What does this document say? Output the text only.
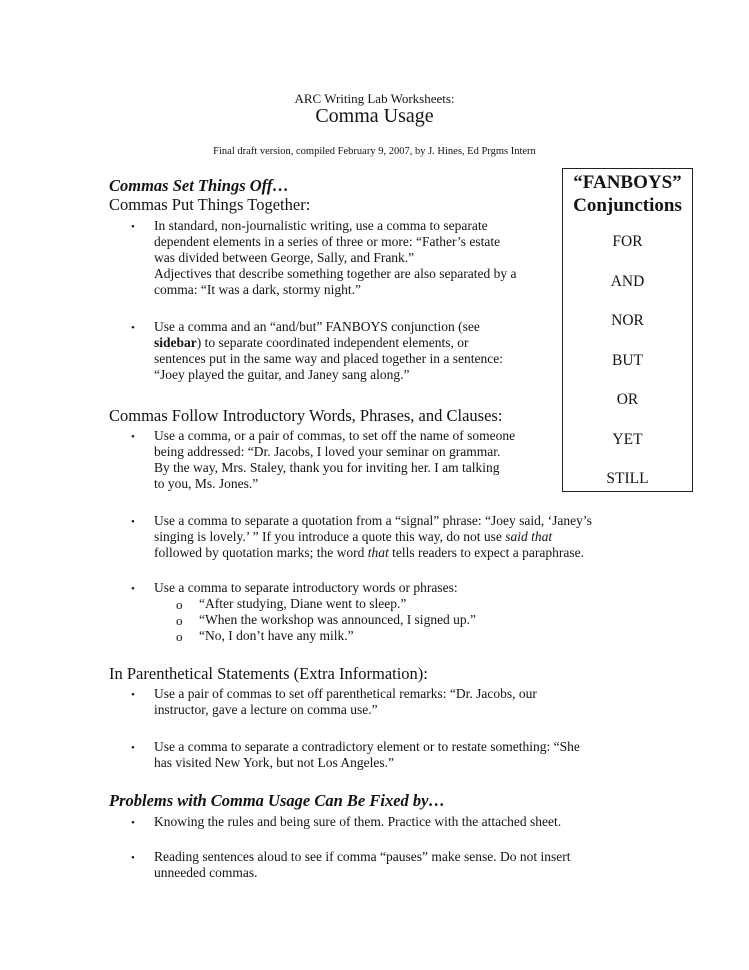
ARC Writing Lab Worksheets:
Comma Usage
Final draft version, compiled February 9, 2007, by J. Hines, Ed Prgms Intern
“FANBOYS”
Conjunctions
FOR
AND
NOR
BUT
OR
YET
STILL
Commas Set Things Off…
Commas Put Things Together:
• In standard, non-journalistic writing, use a comma to separate
dependent elements in a series of three or more: “Father’s estate
was divided between George, Sally, and Frank.”
Adjectives that describe something together are also separated by a
comma: “It was a dark, stormy night.”
• Use a comma and an “and/but” FANBOYS conjunction (see
sidebar) to separate coordinated independent elements, or
sentences put in the same way and placed together in a sentence:
“Joey played the guitar, and Janey sang along.”
Commas Follow Introductory Words, Phrases, and Clauses:
• Use a comma, or a pair of commas, to set off the name of someone
being addressed: “Dr. Jacobs, I loved your seminar on grammar.
By the way, Mrs. Staley, thank you for inviting her. I am talking
to you, Ms. Jones.”
• Use a comma to separate a quotation from a “signal” phrase: “Joey said, ‘Janey’s
singing is lovely.’ ” If you introduce a quote this way, do not use said that
followed by quotation marks; the word that tells readers to expect a paraphrase.
• Use a comma to separate introductory words or phrases:
o “After studying, Diane went to sleep.”
o “When the workshop was announced, I signed up.”
o “No, I don’t have any milk.”
In Parenthetical Statements (Extra Information):
• Use a pair of commas to set off parenthetical remarks: “Dr. Jacobs, our
instructor, gave a lecture on comma use.”
• Use a comma to separate a contradictory element or to restate something: “She
has visited New York, but not Los Angeles.”
Problems with Comma Usage Can Be Fixed by…
• Knowing the rules and being sure of them. Practice with the attached sheet.
• Reading sentences aloud to see if comma “pauses” make sense. Do not insert
unneeded commas.
